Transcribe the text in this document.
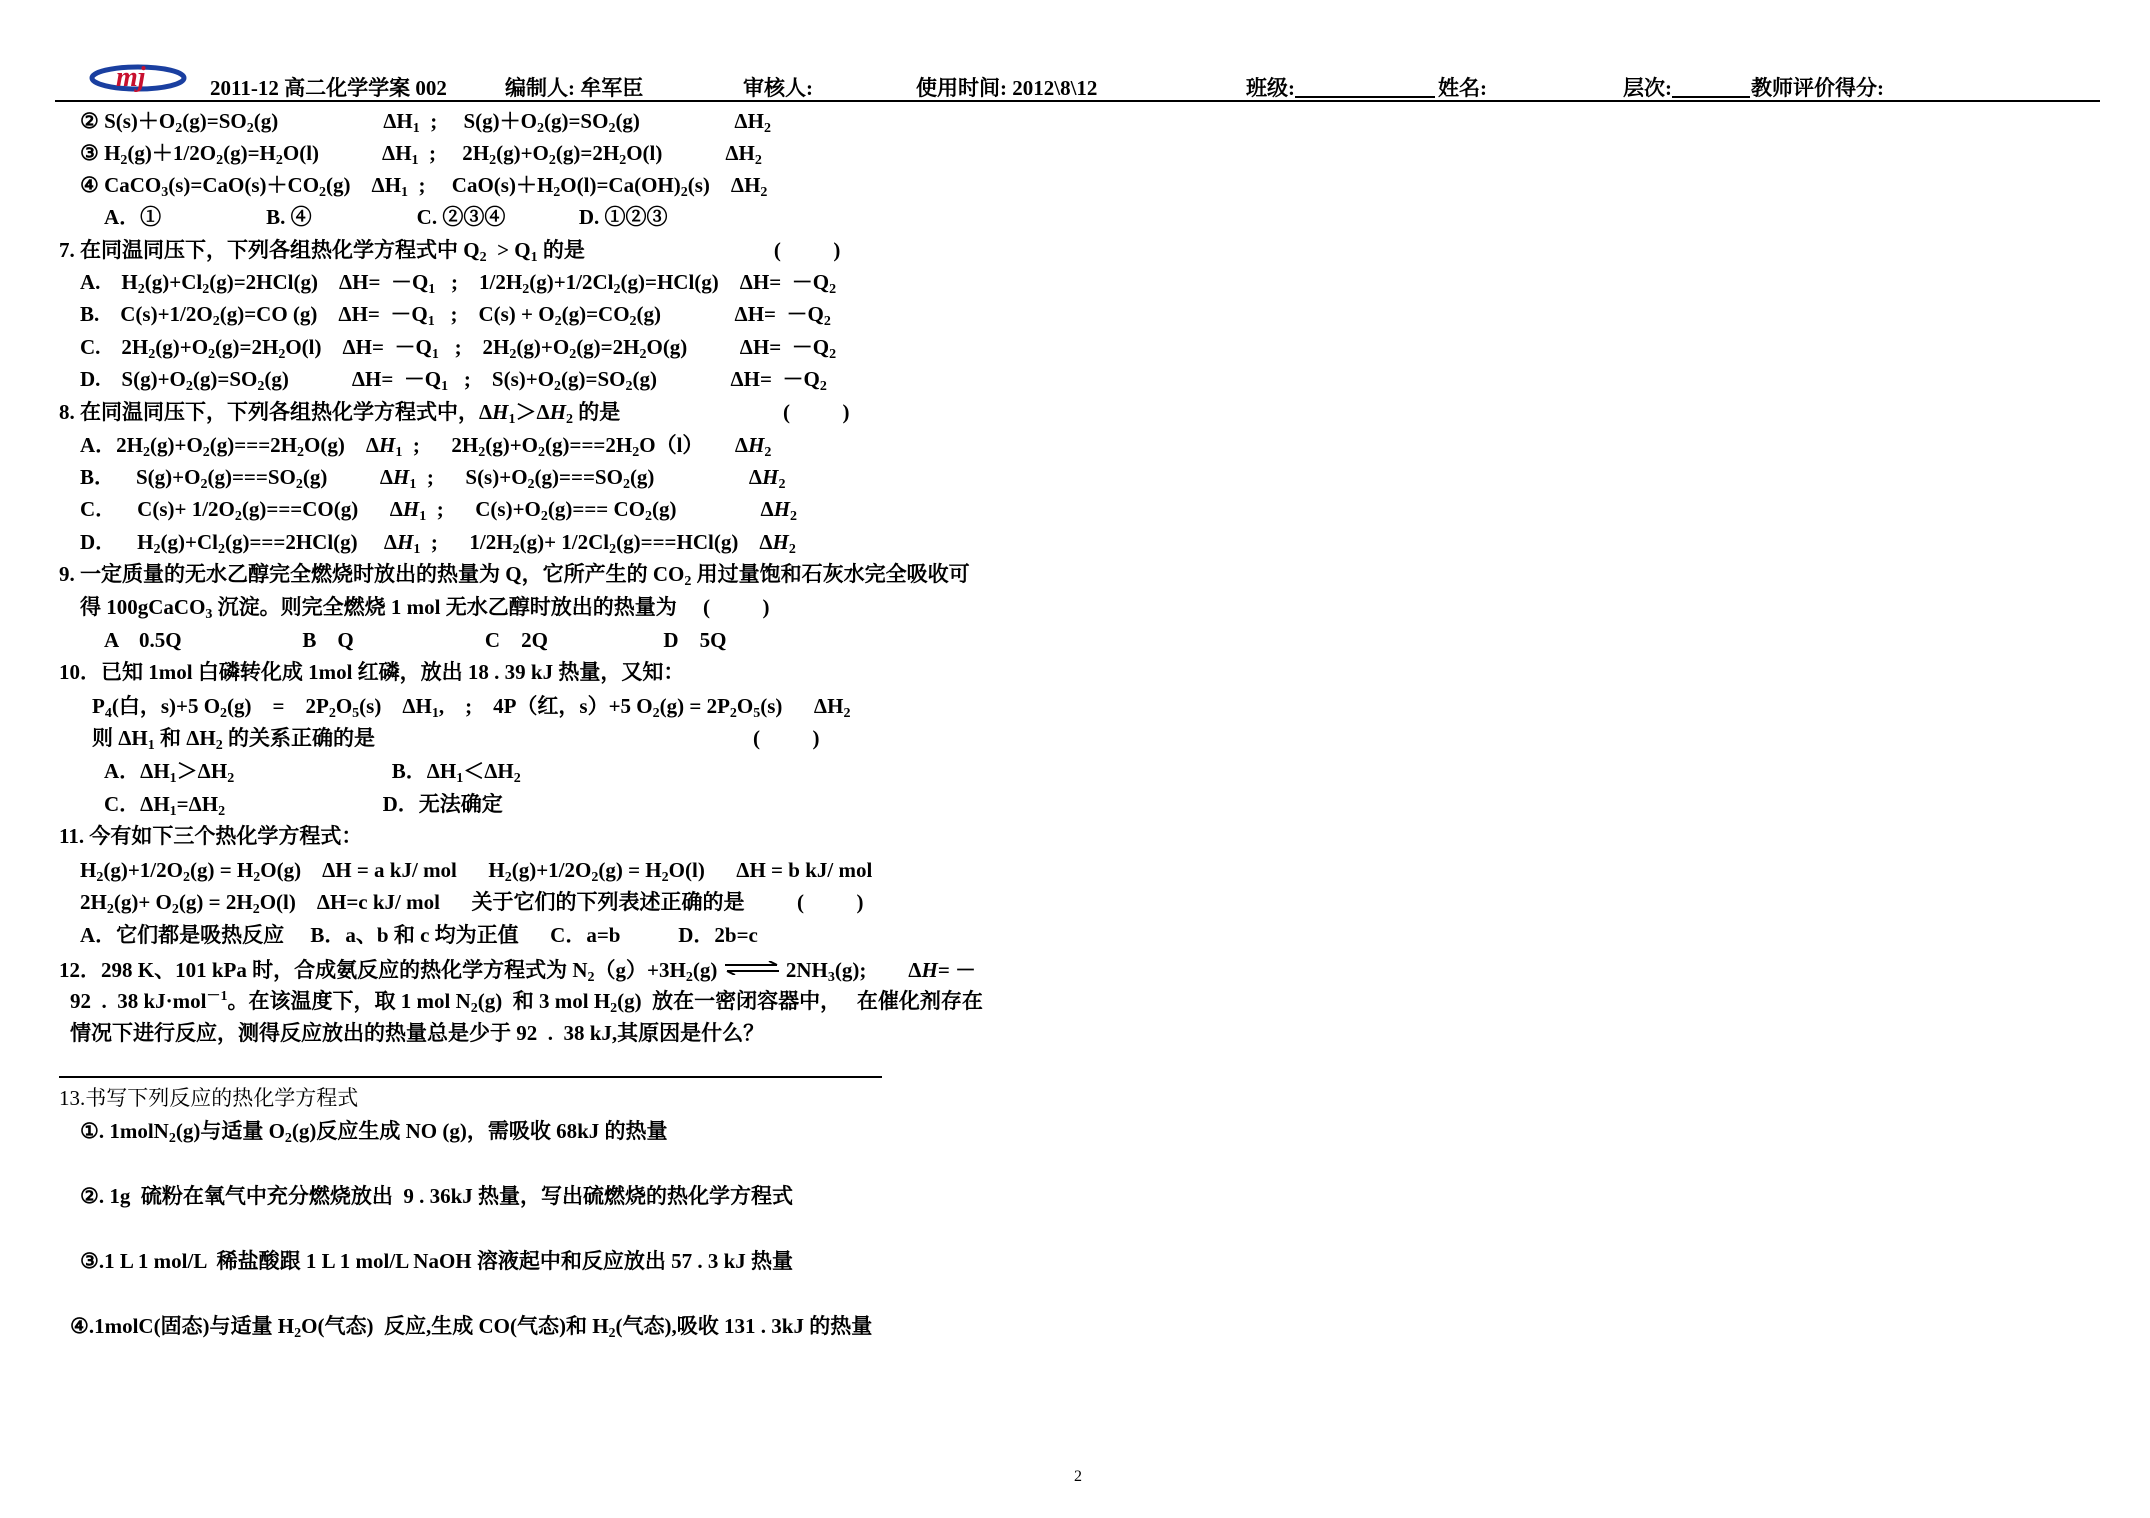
mj	2011-12 高二化学学案 002	编制人: 牟军臣	审核人:	使用时间: 2012\8\12	班级:	姓名:	层次:	教师评价得分:
② $S(s)+O_2(g)=SO_2(g)$                    $\Delta H_1$  ;     $S(g)+O_2(g)=SO_2(g)$                  $\Delta H_2$
③ $H_2(g)+1/2O_2(g)=H_2O(l)$            $\Delta H_1$  ;     $2H_2(g)+O_2(g)=2H_2O(l)$            $\Delta H_2$
④ $CaCO_3(s)=CaO(s)+CO_2(g)$    $\Delta H_1$  ;     $CaO(s)+H_2O(l)=Ca(OH)_2(s)$    $\Delta H_2$
A．①                    B. ④                    C. ②③④              D. ①②③
7. 在同温同压下，下列各组热化学方程式中 $Q_2 > Q_1$ 的是                                    (          )
A.    $H_2(g)+Cl_2(g)=2HCl(g)$    $\Delta H= -Q_1$   ;    $1/2H_2(g)+1/2Cl_2(g)=HCl(g)$    $\Delta H= -Q_2$
B.    $C(s)+1/2O_2(g)=CO$ (g)    $\Delta H= -Q_1$   ;    $C(s) + O_2(g)=CO_2(g)$              $\Delta H= -Q_2$
C.    $2H_2(g)+O_2(g)=2H_2O(l)$    $\Delta H= -Q_1$   ;    $2H_2(g)+O_2(g)=2H_2O(g)$          $\Delta H= -Q_2$
D.    $S(g)+O_2(g)=SO_2(g)$            $\Delta H= -Q_1$   ;    $S(s)+O_2(g)=SO_2(g)$              $\Delta H= -Q_2$
8. 在同温同压下，下列各组热化学方程式中，$\Delta H_1>\Delta H_2$ 的是                               (          )
A．$2H_2(g)+O_2(g)===2H_2O(g)$    $\Delta H_1$  ;      $2H_2(g)+O_2(g)===2H_2O(l)$      $\Delta H_2$
B．    $S(g)+O_2(g)===SO_2(g)$          $\Delta H_1$  ;      $S(s)+O_2(g)===SO_2(g)$                  $\Delta H_2$
C．    $C(s)+ 1/2O_2(g)===CO(g)$      $\Delta H_1$  ;      $C(s)+O_2(g)=== CO_2(g)$                $\Delta H_2$
D．    $H_2(g)+Cl_2(g)===2HCl(g)$     $\Delta H_1$  ;      $1/2H_2(g)+ 1/2Cl_2(g)===HCl(g)$    $\Delta H_2$
9. 一定质量的无水乙醇完全燃烧时放出的热量为 Q，它所产生的 $CO_2$ 用过量饱和石灰水完全吸收可
得 100gCaCO$_3$ 沉淀。则完全燃烧 1 mol 无水乙醇时放出的热量为     (          )
A    0.5Q                       B    Q                         C    2Q                      D    5Q
10．已知 1mol 白磷转化成 1mol 红磷，放出 18 . 39 kJ 热量，又知：
$P_4$(白，s)+5 $O_2(g)$    =    $2P_2O_5(s)$    $\Delta H_1$,    ;    4P（红，s）+5 $O_2(g) = 2P_2O_5(s)$      $\Delta H_2$
则 $\Delta H_1$ 和 $\Delta H_2$ 的关系正确的是                                                                        (          )
A．$\Delta H_1>\Delta H_2$                              B．$\Delta H_1<\Delta H_2$
C．$\Delta H_1=\Delta H_2$                              D．无法确定
11. 今有如下三个热化学方程式：
$H_2(g)+1/2O_2(g) = H_2O(g)$    ΔH = a kJ/ mol      $H_2(g)+1/2O_2(g) = H_2O(l)$      ΔH = b kJ/ mol
$2H_2(g)+ O_2(g) = 2H_2O(l)$    ΔH=c kJ/ mol      关于它们的下列表述正确的是          (          )
A．它们都是吸热反应     B．a、b 和 c 均为正值      C．a=b           D．2b=c
12．298 K、101 kPa 时，合成氨反应的热化学方程式为 $N_2(g)+3H_2(g)$ ⇌ $2NH_3(g)$;        ΔH= －
92  .  38 kJ·mol$^{-1}$。在该温度下，取 1 mol $N_2(g)$  和 3 mol $H_2(g)$  放在一密闭容器中，   在催化剂存在
情况下进行反应，测得反应放出的热量总是少于 92  .  38 kJ,其原因是什么？
13.书写下列反应的热化学方程式
①. 1molN$_2$(g)与适量 $O_2(g)$反应生成 NO (g)，需吸收 68kJ 的热量
②. 1g  硫粉在氧气中充分燃烧放出  9 . 36kJ 热量，写出硫燃烧的热化学方程式
③.1 L 1 mol/L  稀盐酸跟 1 L 1 mol/L NaOH 溶液起中和反应放出 57 . 3 kJ 热量
④.1molC(固态)与适量 $H_2O$(气态)  反应,生成 CO(气态)和 $H_2$(气态),吸收 131 . 3kJ 的热量
2
